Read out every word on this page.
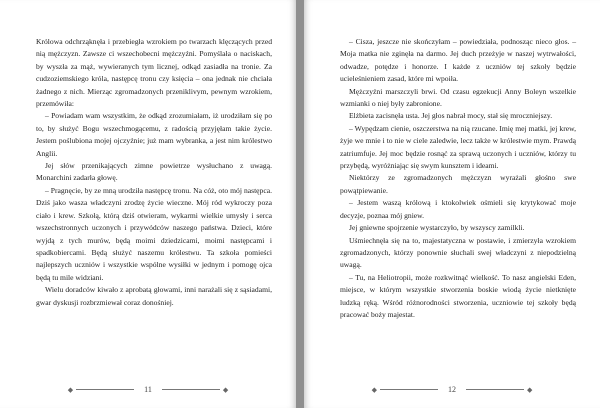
Królowa odchrząknęła i przebiegła wzrokiem po twarzach klęczących przed nią mężczyzn. Zawsze ci wszechobecni mężczyźni. Pomyślała o naciskach, by wyszła za mąż, wywieranych tym licznej, odkąd zasiadła na tronie. Za cudzoziemskiego króla, następcę tronu czy księcia – ona jednak nie chciała żadnego z nich. Mierząc zgromadzonych przeniklivym, pewnym wzrokiem, przemówiła:

– Powiadam wam wszystkim, że odkąd zrozumiałam, iż urodziłam się po to, by służyć Bogu wszechmogącemu, z radością przyjęłam takie życie. Jestem poślubiona mojej ojczyźnie; już mam wybranka, a jest nim królestwo Anglii.

Jej słów przenikających zimne powietrze wysłuchano z uwagą. Monarchini zadarła głowę.

– Pragnęcie, by ze mną urodziła następcę tronu. Na cóż, oto mój następca. Dziś jako wasza władczyni zrodzę życie wieczne. Mój ród wykroczy poza ciało i krew. Szkołą, którą dziś otwieram, wykarmi wielkie umysły i serca wszechstronnych uczonych i przywódców naszego państwa. Dzieci, które wyjdą z tych murów, będą moimi dziedzicami, moimi następcami i spadkobiercami. Będą służyć naszemu królestwu. Ta szkoła pomieści najlepszych uczniów i wszystkie wspólne wysiłki w jednym i pomogę ojca będą tu mile widziani.

Wielu doradców kiwało z aprobatą głowami, inni narażali się z sąsiadami, gwar dyskusji rozbrzmiewał coraz donośniej.

◆	11	◆

– Cisza, jeszcze nie skończyłam – powiedziała, podnosząc nieco głos. – Moja matka nie zginęła na darmo. Jej duch przeżyje w naszej wytrwałości, odwadze, potędze i honorze. I każde z uczniów tej szkoły będzie ucieleśnieniem zasad, które mi wpoiła.

Mężczyźni marszczyli brwi. Od czasu egzekucji Anny Boleyn wszelkie wzmianki o niej były zabronione.

Elżbieta zacisnęła usta. Jej głos nabrał mocy, stał się mroczniejszy.

– Wypędzam cienie, oszczerstwa na nią rzucane. Imię mej matki, jej krew, żyje we mnie i to nie w ciele zaledwie, lecz także w królestwie mym. Prawdą zatriumfuje. Jej moc będzie rosnąć za sprawą uczonych i uczniów, którzy tu przybędą, wyróżniając się swym kunsztem i ideami.

Niektórzy ze zgromadzonych mężczyzn wyrażali głośno swe powątpiewanie.

– Jestem waszą królową i ktokolwiek ośmieli się krytykować moje decyzje, poznaa mój gniew.

Jej gniewne spojrzenie wystarczyło, by wszyscy zamilkli.

Uśmiechnęła się na to, majestatyczna w postawie, i zmierzyła wzrokiem zgromadzonych, którzy ponownie słuchali swej władczyni z niepodzielną uwagą.

– Tu, na Heliotropii, może rozkwitnąć wielkość. To nasz angielski Eden, miejsce, w którym wszystkie stworzenia boskie wiodą życie nietknięte ludzką ręką. Wśród różnorodności stworzenia, uczniowie tej szkoły będą pracować boży majestat.

◆	12	◆
